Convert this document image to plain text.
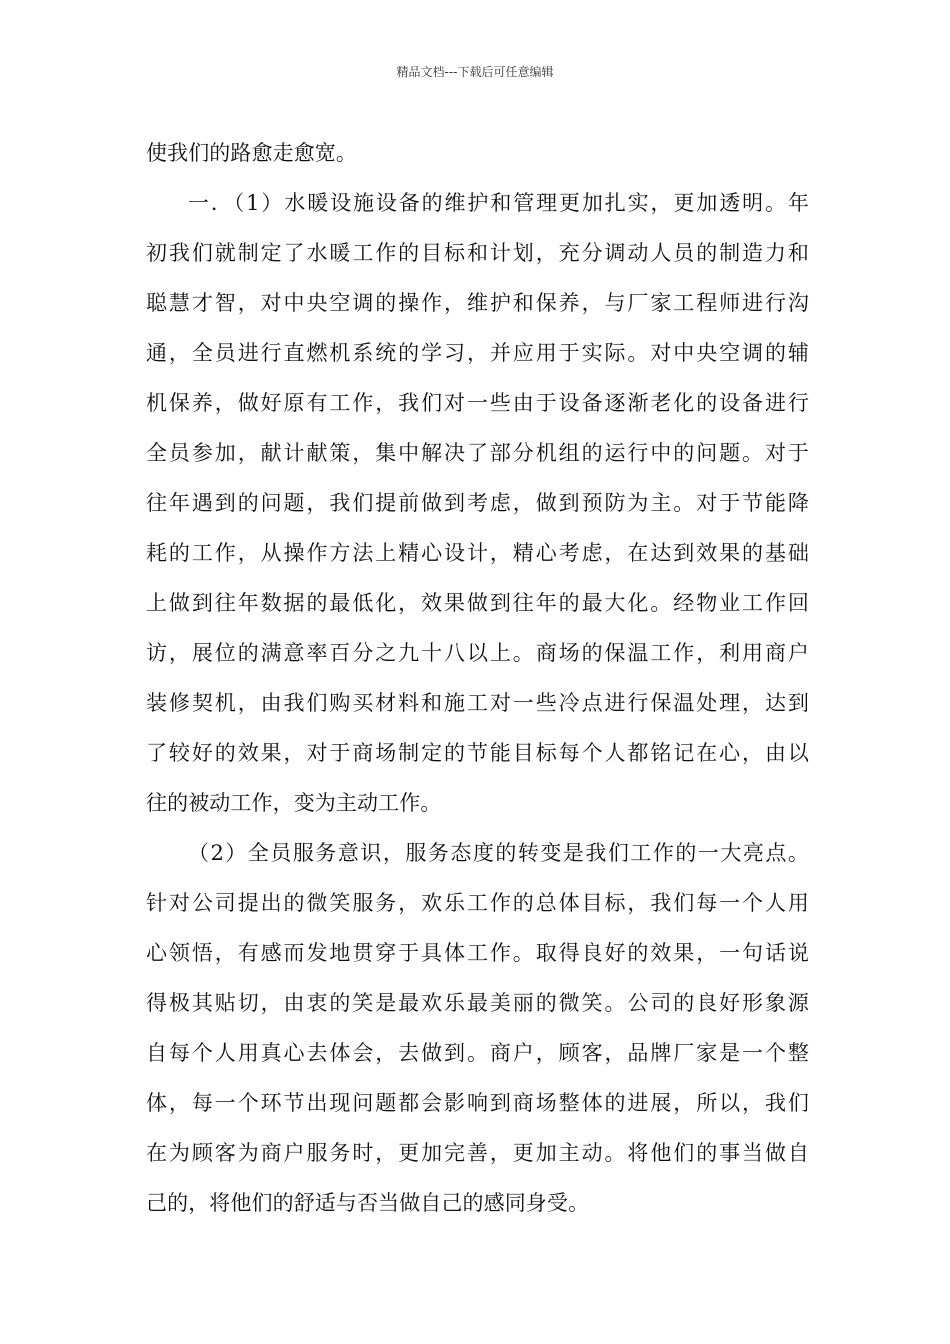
精品文档---下载后可任意编辑
使我们的路愈走愈宽。
一．（1）水暖设施设备的维护和管理更加扎实，更加透明。年
初我们就制定了水暖工作的目标和计划，充分调动人员的制造力和
聪慧才智，对中央空调的操作，维护和保养，与厂家工程师进行沟
通，全员进行直燃机系统的学习，并应用于实际。对中央空调的辅
机保养，做好原有工作，我们对一些由于设备逐渐老化的设备进行
全员参加，献计献策，集中解决了部分机组的运行中的问题。对于
往年遇到的问题，我们提前做到考虑，做到预防为主。对于节能降
耗的工作，从操作方法上精心设计，精心考虑，在达到效果的基础
上做到往年数据的最低化，效果做到往年的最大化。经物业工作回
访，展位的满意率百分之九十八以上。商场的保温工作，利用商户
装修契机，由我们购买材料和施工对一些冷点进行保温处理，达到
了较好的效果，对于商场制定的节能目标每个人都铭记在心，由以
往的被动工作，变为主动工作。
（2）全员服务意识，服务态度的转变是我们工作的一大亮点。
针对公司提出的微笑服务，欢乐工作的总体目标，我们每一个人用
心领悟，有感而发地贯穿于具体工作。取得良好的效果，一句话说
得极其贴切，由衷的笑是最欢乐最美丽的微笑。公司的良好形象源
自每个人用真心去体会，去做到。商户，顾客，品牌厂家是一个整
体，每一个环节出现问题都会影响到商场整体的进展，所以，我们
在为顾客为商户服务时，更加完善，更加主动。将他们的事当做自
己的，将他们的舒适与否当做自己的感同身受。
